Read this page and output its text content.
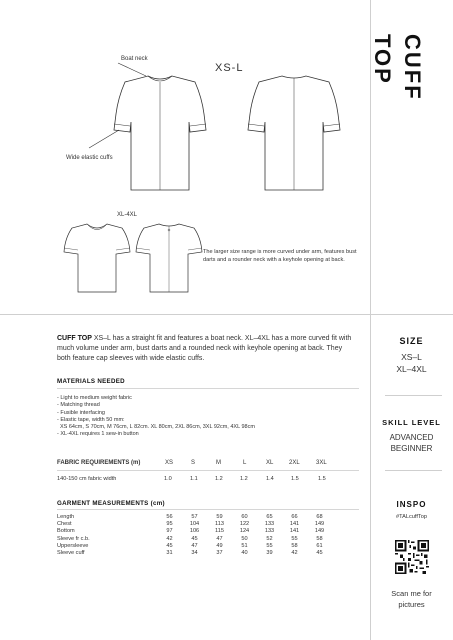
CUFF TOP
Boat neck
XS-L
Wide elastic cuffs
XL-4XL
The larger size range is more curved under arm, features bust darts and a rounder neck with a keyhole opening at back.
CUFF TOP XS–L has a straight fit and features a boat neck. XL–4XL has a more curved fit with much volume under arm, bust darts and a rounded neck with keyhole opening at back. They both feature cap sleeves with wide elastic cuffs.
MATERIALS NEEDED
- Light to medium weight fabric
- Matching thread
- Fusible interfacing
- Elastic tape, width 50 mm:
XS 64cm, S 70cm, M 76cm, L 82cm. XL 80cm, 2XL 86cm, 3XL 92cm, 4XL 98cm
- XL-4XL requires 1 sew-in button
FABRIC REQUIREMENTS (m)	XS	S	M	L	XL	2XL	3XL
140-150 cm fabric width	1.0	1.1	1.2	1.2	1.4	1.5	1.5
GARMENT MEASUREMENTS (cm)
Length	56	57	59	60	65	66	68	
Chest	95	104	113	122	133	141	149	
Bottom	97	106	115	124	133	141	149	
Sleeve fr c.b.	42	45	47	50	52	55	58	
Uppersleeve	45	47	49	51	55	58	61	
Sleeve cuff	31	34	37	40	39	42	45	
SIZE
XS–L
XL–4XL
SKILL LEVEL
ADVANCED
BEGINNER
INSPO
#TALcuffTop
Scan me for
pictures
